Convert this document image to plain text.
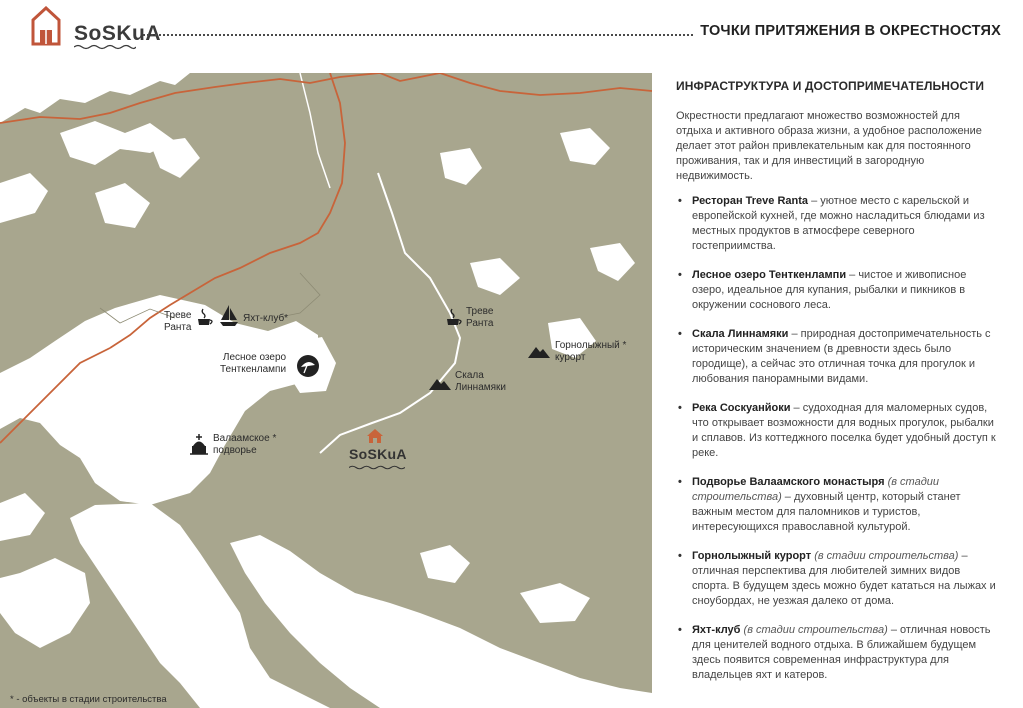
SoSKuA	ТОЧКИ ПРИТЯЖЕНИЯ В ОКРЕСТНОСТЯХ
Треве
Ранта
Яхт-клуб*
Треве
Ранта
Горнолыжный *
курорт
Лесное озеро
Тенткенлампи
SoSKuA
Скала
Линнамяки
Валаамское *
подворье
* - объекты в стадии строительства
ИНФРАСТРУКТУРА И ДОСТОПРИМЕЧАТЕЛЬНОСТИ

Окрестности предлагают множество возможностей для отдыха и активного образа жизни, а удобное расположение делает этот район привлекательным как для постоянного проживания, так и для инвестиций в загородную недвижимость.

• Ресторан Treve Ranta – уютное место с карельской и европейской кухней, где можно насладиться блюдами из местных продуктов в атмосфере северного гостеприимства.
• Лесное озеро Тенткенлампи – чистое и живописное озеро, идеальное для купания, рыбалки и пикников в окружении соснового леса.
• Скала Линнамяки – природная достопримечательность с историческим значением (в древности здесь было городище), а сейчас это отличная точка для прогулок и любования панорамными видами.
• Река Соскуанйоки – судоходная для маломерных судов, что открывает возможности для водных прогулок, рыбалки и сплавов. Из коттеджного поселка будет удобный доступ к реке.
• Подворье Валаамского монастыря (в стадии строительства) – духовный центр, который станет важным местом для паломников и туристов, интересующихся православной культурой.
• Горнолыжный курорт (в стадии строительства) – отличная перспектива для любителей зимних видов спорта. В будущем здесь можно будет кататься на лыжах и сноубордах, не уезжая далеко от дома.
• Яхт-клуб (в стадии строительства) – отличная новость для ценителей водного отдыха. В ближайшем будущем здесь появится современная инфраструктура для владельцев яхт и катеров.
